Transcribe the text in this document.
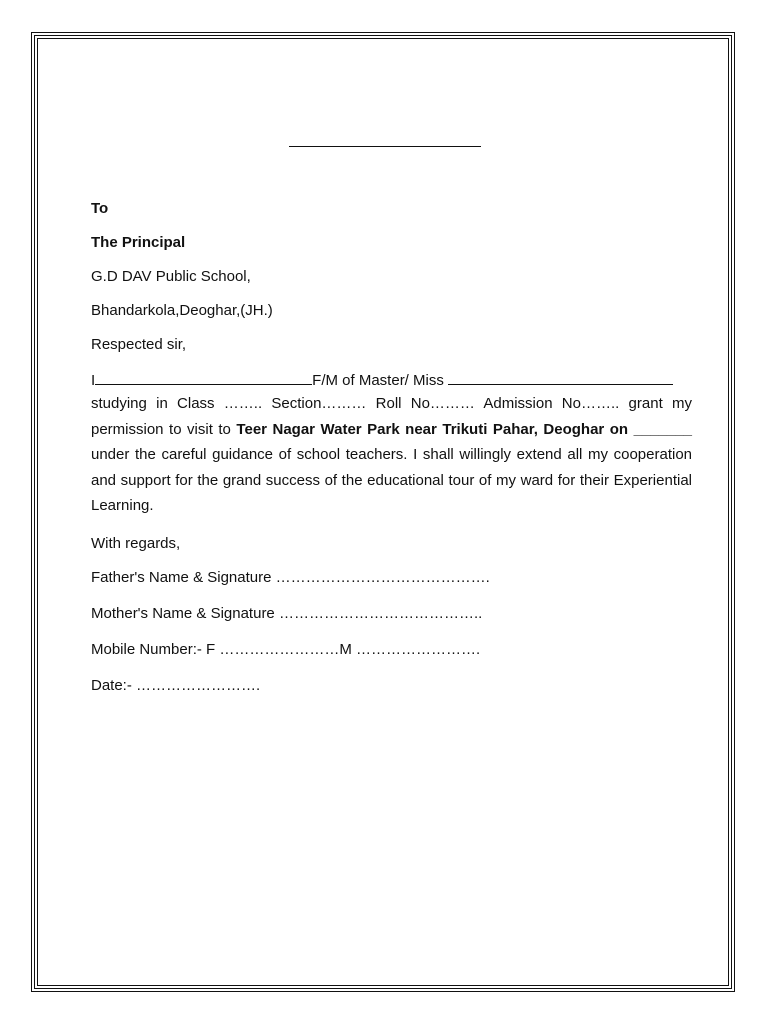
To
The Principal
G.D DAV Public School,
Bhandarkola,Deoghar,(JH.)
Respected sir,
I	F/M of Master/ Miss
studying in Class …….. Section……… Roll No……… Admission No…….. grant my permission to visit to Teer Nagar Water Park near Trikuti Pahar, Deoghar on _______ under the careful guidance of school teachers. I shall willingly extend all my cooperation and support for the grand success of the educational tour of my ward for their Experiential Learning.
With regards,
Father's Name & Signature …………………………………….
Mother's Name & Signature …………………………………..
Mobile Number:- F ……………………M …………………….
Date:- …………………….
